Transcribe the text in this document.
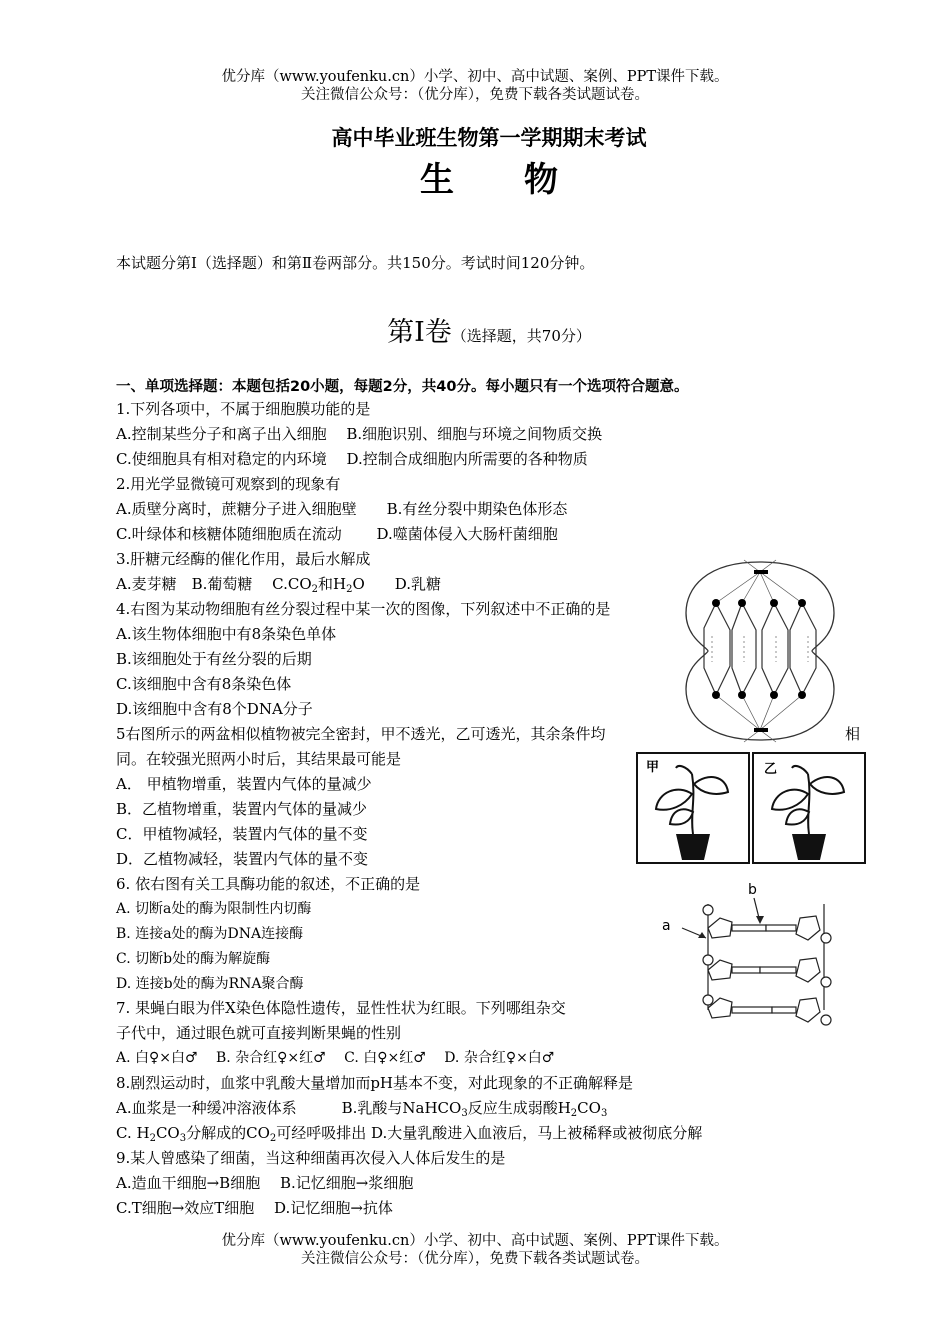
优分库（www.youfenku.cn）小学、初中、高中试题、案例、PPT课件下载。
关注微信公众号：（优分库），免费下载各类试题试卷。
高中毕业班生物第一学期期末考试
生 物
本试题分第Ⅰ（选择题）和第Ⅱ卷两部分。共150分。考试时间120分钟。
第Ⅰ卷（选择题，共70分）
一、单项选择题：本题包括20小题，每题2分，共40分。每小题只有一个选项符合题意。
1.下列各项中，不属于细胞膜功能的是
A.控制某些分子和离子出入细胞　 B.细胞识别、细胞与环境之间物质交换
C.使细胞具有相对稳定的内环境　 D.控制合成细胞内所需要的各种物质
2.用光学显微镜可观察到的现象有
A.质壁分离时，蔗糖分子进入细胞壁　　B.有丝分裂中期染色体形态
C.叶绿体和核糖体随细胞质在流动　　 D.噬菌体侵入大肠杆菌细胞
3.肝糖元经酶的催化作用，最后水解成
A.麦芽糖　B.葡萄糖　 $C.CO_2$和$H_2O$　　D.乳糖
4.右图为某动物细胞有丝分裂过程中某一次的图像，下列叙述中不正确的是
A.该生物体细胞中有8条染色单体
B.该细胞处于有丝分裂的后期
C.该细胞中含有8条染色体
D.该细胞中含有8个DNA分子
5右图所示的两盆相似植物被完全密封，甲不透光，乙可透光，其余条件均	相
同。在较强光照两小时后，其结果最可能是
A． 甲植物增重，装置内气体的量减少
B．乙植物增重，装置内气体的量减少
C．甲植物减轻，装置内气体的量不变
D．乙植物减轻，装置内气体的量不变
6. 依右图有关工具酶功能的叙述，不正确的是
A. 切断a处的酶为限制性内切酶
B. 连接a处的酶为DNA连接酶
C. 切断b处的酶为解旋酶
D. 连接b处的酶为RNA聚合酶
7. 果蝇白眼为伴X染色体隐性遗传，显性性状为红眼。下列哪组杂交
子代中，通过眼色就可直接判断果蝇的性别
A. 白♀×白♂　 B. 杂合红♀×红♂　 C. 白♀×红♂　 D. 杂合红♀×白♂
8.剧烈运动时，血浆中乳酸大量增加而pH基本不变，对此现象的不正确解释是
A.血浆是一种缓冲溶液体系　　　B.乳酸与NaHCO$_3$反应生成弱酸$H_2CO_3$
C. $H_2CO_3$分解成的$CO_2$可经呼吸排出 D.大量乳酸进入血液后，马上被稀释或被彻底分解
9.某人曾感染了细菌，当这种细菌再次侵入人体后发生的是
A.造血干细胞→B细胞　 B.记忆细胞→浆细胞
C.T细胞→效应T细胞　 D.记忆细胞→抗体
甲	乙
b
a
优分库（www.youfenku.cn）小学、初中、高中试题、案例、PPT课件下载。
关注微信公众号：（优分库），免费下载各类试题试卷。
